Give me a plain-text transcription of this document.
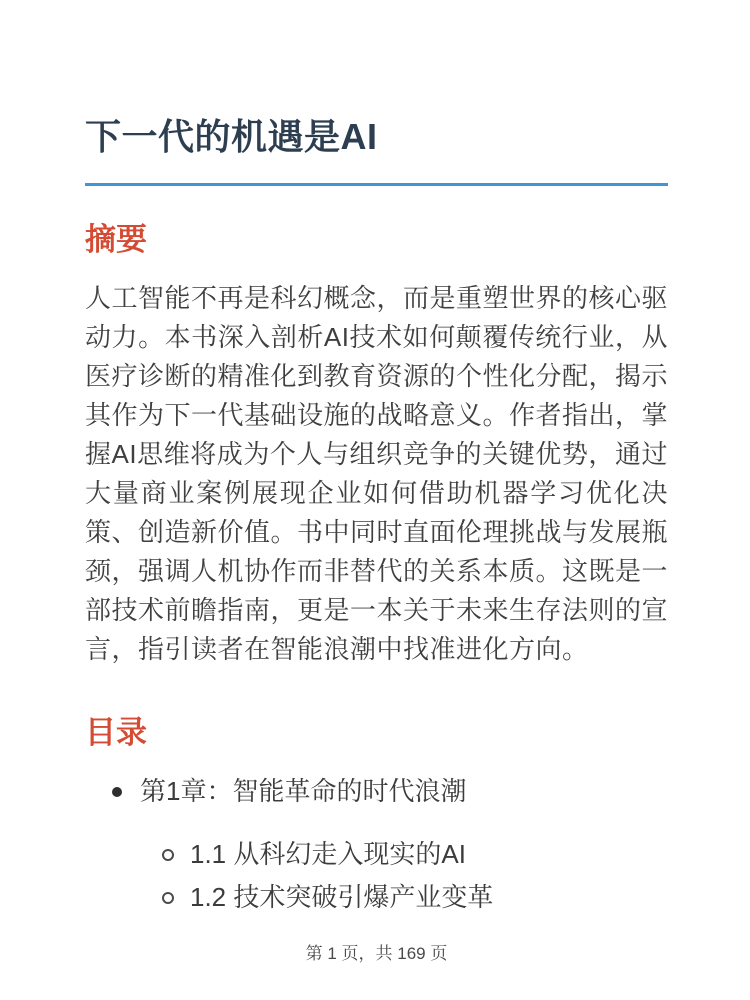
下一代的机遇是AI
摘要

人工智能不再是科幻概念，而是重塑世界的核心驱动力。本书深入剖析AI技术如何颠覆传统行业，从医疗诊断的精准化到教育资源的个性化分配，揭示其作为下一代基础设施的战略意义。作者指出，掌握AI思维将成为个人与组织竞争的关键优势，通过大量商业案例展现企业如何借助机器学习优化决策、创造新价值。书中同时直面伦理挑战与发展瓶颈，强调人机协作而非替代的关系本质。这既是一部技术前瞻指南，更是一本关于未来生存法则的宣言，指引读者在智能浪潮中找准进化方向。

目录
第1章：智能革命的时代浪潮
1.1 从科幻走入现实的AI
1.2 技术突破引爆产业变革
第 1 页，共 169 页
